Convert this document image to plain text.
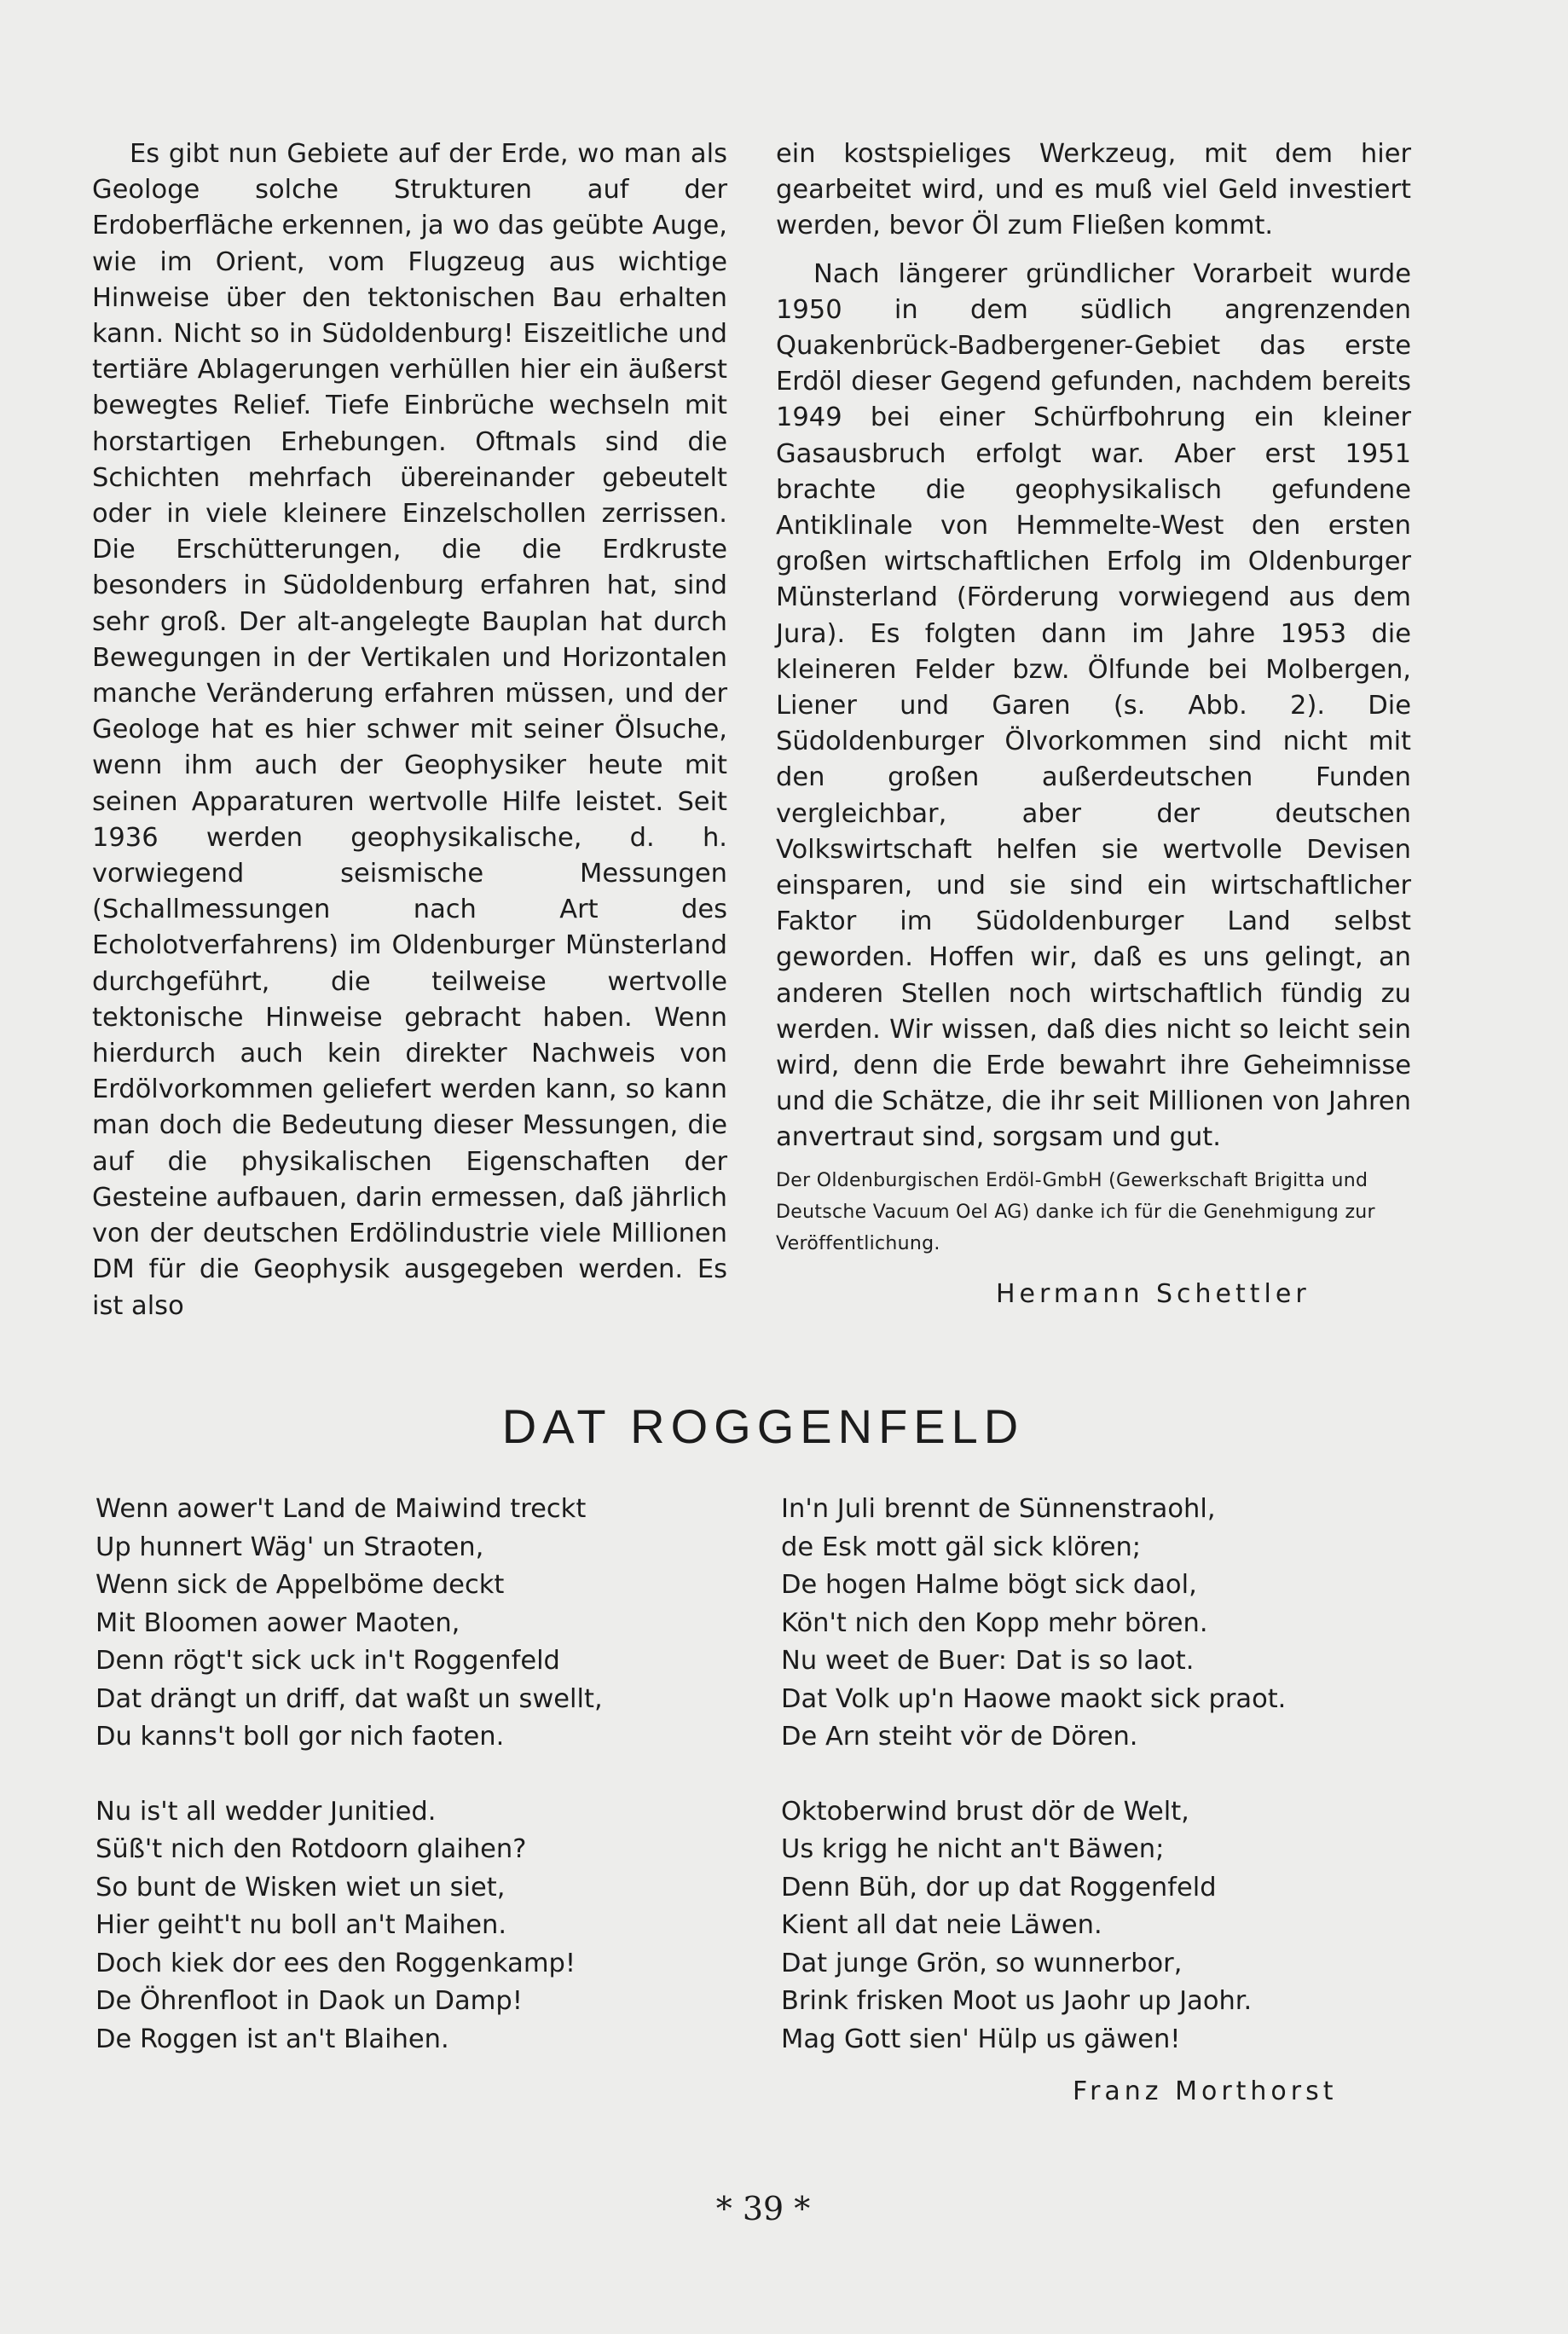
Es gibt nun Gebiete auf der Erde, wo man als Geologe solche Strukturen auf der Erdoberfläche erkennen, ja wo das geübte Auge, wie im Orient, vom Flugzeug aus wichtige Hinweise über den tektonischen Bau erhalten kann. Nicht so in Südoldenburg! Eiszeitliche und tertiäre Ablagerungen verhüllen hier ein äußerst bewegtes Relief. Tiefe Einbrüche wechseln mit horstartigen Erhebungen. Oftmals sind die Schichten mehrfach übereinander gebeutelt oder in viele kleinere Einzelschollen zerrissen. Die Erschütterungen, die die Erdkruste besonders in Südoldenburg erfahren hat, sind sehr groß. Der alt-angelegte Bauplan hat durch Bewegungen in der Vertikalen und Horizontalen manche Veränderung erfahren müssen, und der Geologe hat es hier schwer mit seiner Ölsuche, wenn ihm auch der Geophysiker heute mit seinen Apparaturen wertvolle Hilfe leistet. Seit 1936 werden geophysikalische, d. h. vorwiegend seismische Messungen (Schallmessungen nach Art des Echolotverfahrens) im Oldenburger Münsterland durchgeführt, die teilweise wertvolle tektonische Hinweise gebracht haben. Wenn hierdurch auch kein direkter Nachweis von Erdölvorkommen geliefert werden kann, so kann man doch die Bedeutung dieser Messungen, die auf die physikalischen Eigenschaften der Gesteine aufbauen, darin ermessen, daß jährlich von der deutschen Erdölindustrie viele Millionen DM für die Geophysik ausgegeben werden. Es ist also

ein kostspieliges Werkzeug, mit dem hier gearbeitet wird, und es muß viel Geld investiert werden, bevor Öl zum Fließen kommt.

Nach längerer gründlicher Vorarbeit wurde 1950 in dem südlich angrenzenden Quakenbrück-Badbergener-Gebiet das erste Erdöl dieser Gegend gefunden, nachdem bereits 1949 bei einer Schürfbohrung ein kleiner Gasausbruch erfolgt war. Aber erst 1951 brachte die geophysikalisch gefundene Antiklinale von Hemmelte-West den ersten großen wirtschaftlichen Erfolg im Oldenburger Münsterland (Förderung vorwiegend aus dem Jura). Es folgten dann im Jahre 1953 die kleineren Felder bzw. Ölfunde bei Molbergen, Liener und Garen (s. Abb. 2). Die Südoldenburger Ölvorkommen sind nicht mit den großen außerdeutschen Funden vergleichbar, aber der deutschen Volkswirtschaft helfen sie wertvolle Devisen einsparen, und sie sind ein wirtschaftlicher Faktor im Südoldenburger Land selbst geworden. Hoffen wir, daß es uns gelingt, an anderen Stellen noch wirtschaftlich fündig zu werden. Wir wissen, daß dies nicht so leicht sein wird, denn die Erde bewahrt ihre Geheimnisse und die Schätze, die ihr seit Millionen von Jahren anvertraut sind, sorgsam und gut.

Der Oldenburgischen Erdöl-GmbH (Gewerkschaft Brigitta und Deutsche Vacuum Oel AG) danke ich für die Genehmigung zur Veröffentlichung.

Hermann Schettler
DAT ROGGENFELD
Wenn aower't Land de Maiwind treckt
Up hunnert Wäg' un Straoten,
Wenn sick de Appelböme deckt
Mit Bloomen aower Maoten,
Denn rögt't sick uck in't Roggenfeld
Dat drängt un driff, dat waßt un swellt,
Du kanns't boll gor nich faoten.
Nu is't all wedder Junitied.
Süß't nich den Rotdoorn glaihen?
So bunt de Wisken wiet un siet,
Hier geiht't nu boll an't Maihen.
Doch kiek dor ees den Roggenkamp!
De Öhrenfloot in Daok un Damp!
De Roggen ist an't Blaihen.
In'n Juli brennt de Sünnenstraohl,
de Esk mott gäl sick klören;
De hogen Halme bögt sick daol,
Kön't nich den Kopp mehr bören.
Nu weet de Buer: Dat is so laot.
Dat Volk up'n Haowe maokt sick praot.
De Arn steiht vör de Dören.
Oktoberwind brust dör de Welt,
Us krigg he nicht an't Bäwen;
Denn Büh, dor up dat Roggenfeld
Kient all dat neie Läwen.
Dat junge Grön, so wunnerbor,
Brink frisken Moot us Jaohr up Jaohr.
Mag Gott sien' Hülp us gäwen!
Franz Morthorst
* 39 *
